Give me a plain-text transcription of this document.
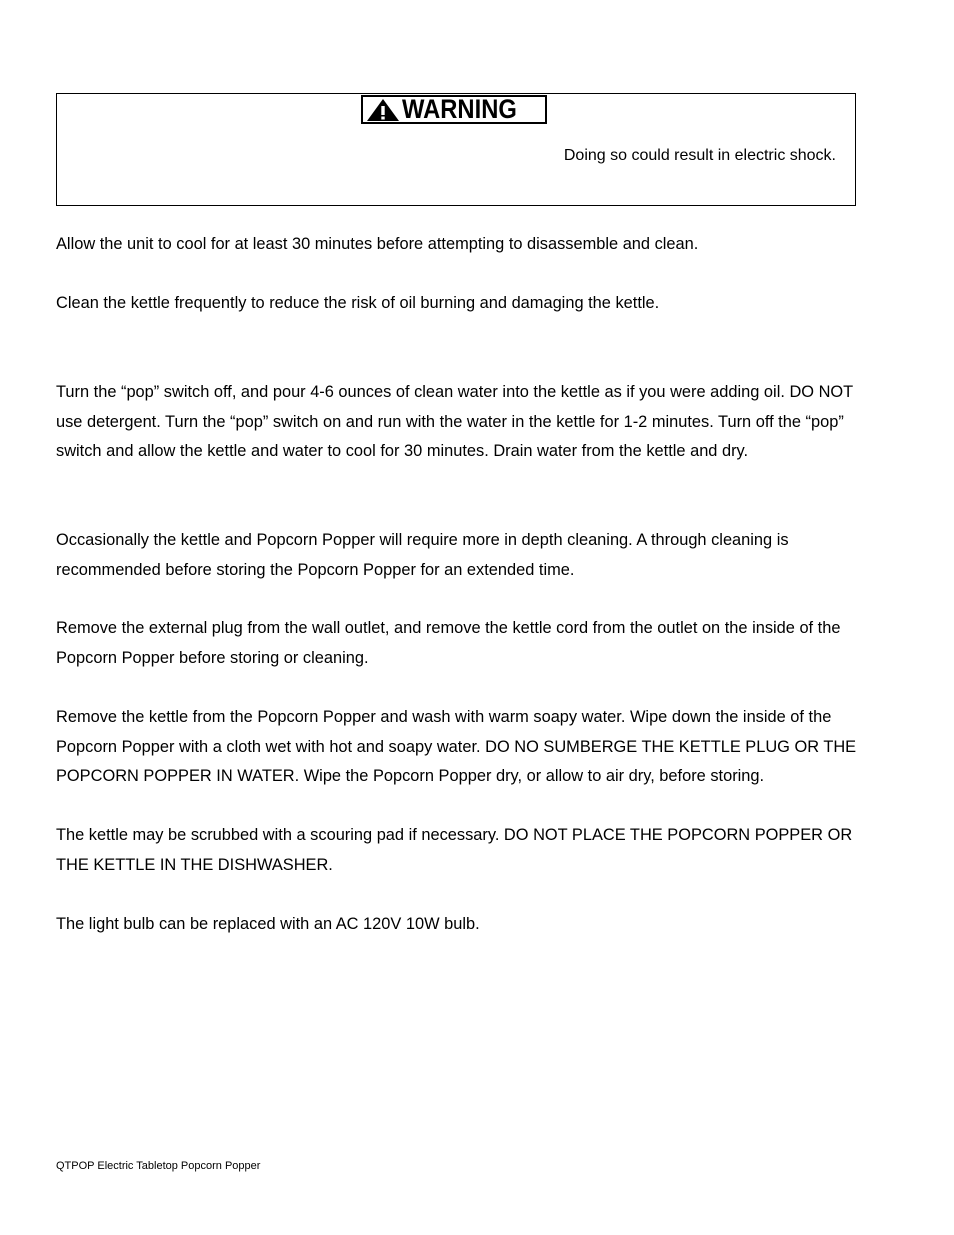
WARNING
Doing so could result in electric shock.

Allow the unit to cool for at least 30 minutes before attempting to disassemble and clean.

Clean the kettle frequently to reduce the risk of oil burning and damaging the kettle.

Turn the “pop” switch off, and pour 4-6 ounces of clean water into the kettle as if you were adding oil. DO NOT use detergent. Turn the “pop” switch on and run with the water in the kettle for 1-2 minutes. Turn off the “pop” switch and allow the kettle and water to cool for 30 minutes. Drain water from the kettle and dry.

Occasionally the kettle and Popcorn Popper will require more in depth cleaning. A through cleaning is recommended before storing the Popcorn Popper for an extended time.

Remove the external plug from the wall outlet, and remove the kettle cord from the outlet on the inside of the Popcorn Popper before storing or cleaning.

Remove the kettle from the Popcorn Popper and wash with warm soapy water. Wipe down the inside of the Popcorn Popper with a cloth wet with hot and soapy water. DO NO SUMBERGE THE KETTLE PLUG OR THE POPCORN POPPER IN WATER. Wipe the Popcorn Popper dry, or allow to air dry, before storing.

The kettle may be scrubbed with a scouring pad if necessary. DO NOT PLACE THE POPCORN POPPER OR THE KETTLE IN THE DISHWASHER.

The light bulb can be replaced with an AC 120V 10W bulb.

QTPOP Electric Tabletop Popcorn Popper
